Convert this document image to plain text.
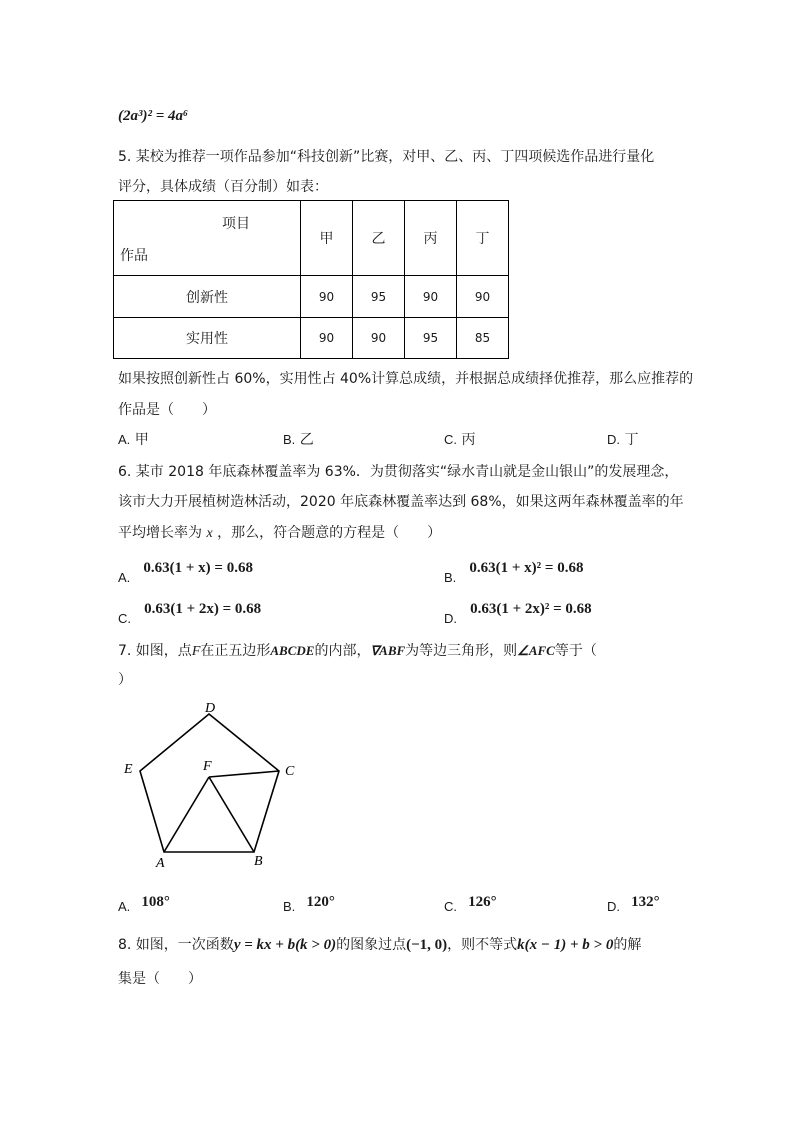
(2a³)² = 4a⁶
5. 某校为推荐一项作品参加“科技创新”比赛，对甲、乙、丙、丁四项候选作品进行量化
评分，具体成绩（百分制）如表：
项目
作品	甲	乙	丙	丁
创新性	90	95	90	90
实用性	90	90	95	85
如果按照创新性占 60%，实用性占 40%计算总成绩，并根据总成绩择优推荐，那么应推荐的
作品是（　　）
A. 甲	B. 乙	C. 丙	D. 丁
6. 某市 2018 年底森林覆盖率为 63%．为贯彻落实“绿水青山就是金山银山”的发展理念，
该市大力开展植树造林活动，2020 年底森林覆盖率达到 68%，如果这两年森林覆盖率的年
平均增长率为 x ，那么，符合题意的方程是（　　）
$_{A.}$ 0.63(1 + x) = 0.68
$_{B.}$ 0.63(1 + x)² = 0.68
$_{C.}$ 0.63(1 + 2x) = 0.68
$_{D.}$ 0.63(1 + 2x)² = 0.68
7. 如图，点F在正五边形ABCDE的内部，∇ABF为等边三角形，则∠AFC等于（
）
A	B
C
D
E	F
$_{A.}$ 108°	$_{B.}$ 120°	$_{C.}$ 126°	$_{D.}$ 132°
8. 如图，一次函数y = kx + b(k > 0)的图象过点(−1, 0)，则不等式k(x − 1) + b > 0的解
集是（　　）
